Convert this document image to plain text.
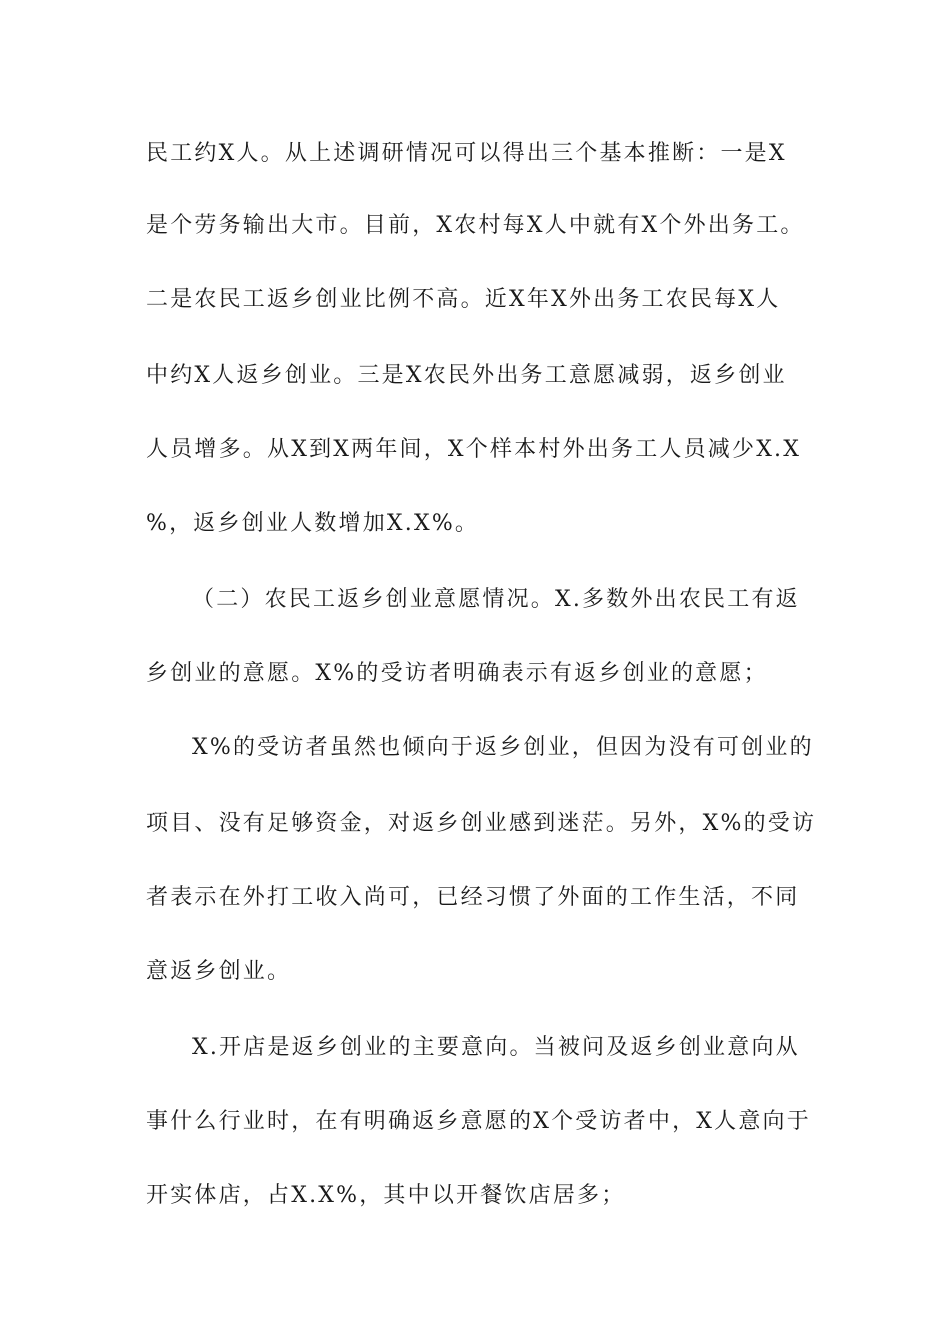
民工约X人。从上述调研情况可以得出三个基本推断：一是X
是个劳务输出大市。目前，X农村每X人中就有X个外出务工。
二是农民工返乡创业比例不高。近X年X外出务工农民每X人
中约X人返乡创业。三是X农民外出务工意愿减弱，返乡创业
人员增多。从X到X两年间，X个样本村外出务工人员减少X.X
%，返乡创业人数增加X.X%。
（二）农民工返乡创业意愿情况。X.多数外出农民工有返
乡创业的意愿。X%的受访者明确表示有返乡创业的意愿；
X%的受访者虽然也倾向于返乡创业，但因为没有可创业的
项目、没有足够资金，对返乡创业感到迷茫。另外，X%的受访
者表示在外打工收入尚可，已经习惯了外面的工作生活，不同
意返乡创业。
X.开店是返乡创业的主要意向。当被问及返乡创业意向从
事什么行业时，在有明确返乡意愿的X个受访者中，X人意向于
开实体店，占X.X%，其中以开餐饮店居多；
